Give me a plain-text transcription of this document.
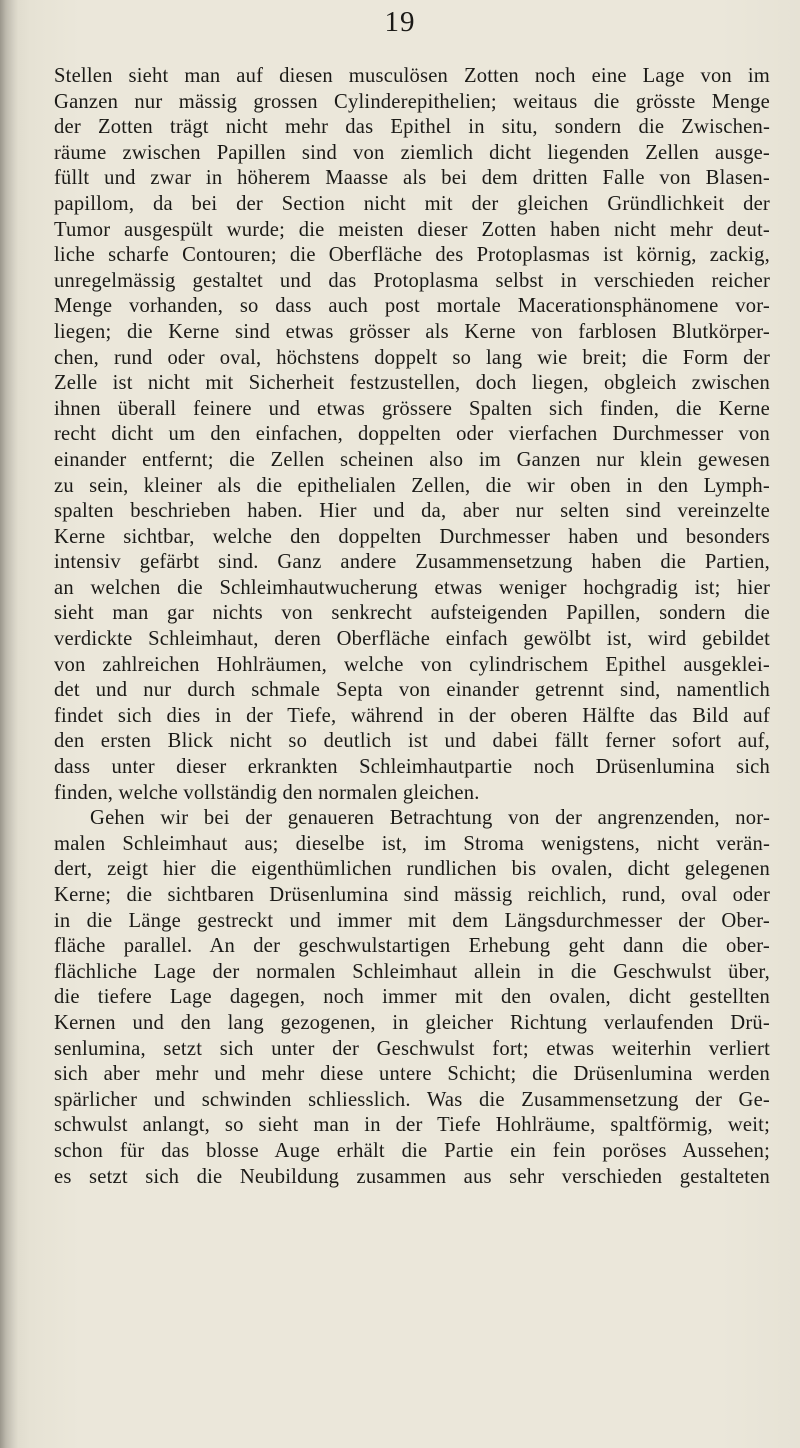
19
Stellen sieht man auf diesen musculösen Zotten noch eine Lage von im
Ganzen nur mässig grossen Cylinderepithelien; weitaus die grösste Menge
der Zotten trägt nicht mehr das Epithel in situ, sondern die Zwischen-
räume zwischen Papillen sind von ziemlich dicht liegenden Zellen ausge-
füllt und zwar in höherem Maasse als bei dem dritten Falle von Blasen-
papillom, da bei der Section nicht mit der gleichen Gründlichkeit der
Tumor ausgespült wurde; die meisten dieser Zotten haben nicht mehr deut-
liche scharfe Contouren; die Oberfläche des Protoplasmas ist körnig, zackig,
unregelmässig gestaltet und das Protoplasma selbst in verschieden reicher
Menge vorhanden, so dass auch post mortale Macerationsphänomene vor-
liegen; die Kerne sind etwas grösser als Kerne von farblosen Blutkörper-
chen, rund oder oval, höchstens doppelt so lang wie breit; die Form der
Zelle ist nicht mit Sicherheit festzustellen, doch liegen, obgleich zwischen
ihnen überall feinere und etwas grössere Spalten sich finden, die Kerne
recht dicht um den einfachen, doppelten oder vierfachen Durchmesser von
einander entfernt; die Zellen scheinen also im Ganzen nur klein gewesen
zu sein, kleiner als die epithelialen Zellen, die wir oben in den Lymph-
spalten beschrieben haben. Hier und da, aber nur selten sind vereinzelte
Kerne sichtbar, welche den doppelten Durchmesser haben und besonders
intensiv gefärbt sind. Ganz andere Zusammensetzung haben die Partien,
an welchen die Schleimhautwucherung etwas weniger hochgradig ist; hier
sieht man gar nichts von senkrecht aufsteigenden Papillen, sondern die
verdickte Schleimhaut, deren Oberfläche einfach gewölbt ist, wird gebildet
von zahlreichen Hohlräumen, welche von cylindrischem Epithel ausgeklei-
det und nur durch schmale Septa von einander getrennt sind, namentlich
findet sich dies in der Tiefe, während in der oberen Hälfte das Bild auf
den ersten Blick nicht so deutlich ist und dabei fällt ferner sofort auf,
dass unter dieser erkrankten Schleimhautpartie noch Drüsenlumina sich
finden, welche vollständig den normalen gleichen.
Gehen wir bei der genaueren Betrachtung von der angrenzenden, nor-
malen Schleimhaut aus; dieselbe ist, im Stroma wenigstens, nicht verän-
dert, zeigt hier die eigenthümlichen rundlichen bis ovalen, dicht gelegenen
Kerne; die sichtbaren Drüsenlumina sind mässig reichlich, rund, oval oder
in die Länge gestreckt und immer mit dem Längsdurchmesser der Ober-
fläche parallel. An der geschwulstartigen Erhebung geht dann die ober-
flächliche Lage der normalen Schleimhaut allein in die Geschwulst über,
die tiefere Lage dagegen, noch immer mit den ovalen, dicht gestellten
Kernen und den lang gezogenen, in gleicher Richtung verlaufenden Drü-
senlumina, setzt sich unter der Geschwulst fort; etwas weiterhin verliert
sich aber mehr und mehr diese untere Schicht; die Drüsenlumina werden
spärlicher und schwinden schliesslich. Was die Zusammensetzung der Ge-
schwulst anlangt, so sieht man in der Tiefe Hohlräume, spaltförmig, weit;
schon für das blosse Auge erhält die Partie ein fein poröses Aussehen;
es setzt sich die Neubildung zusammen aus sehr verschieden gestalteten
